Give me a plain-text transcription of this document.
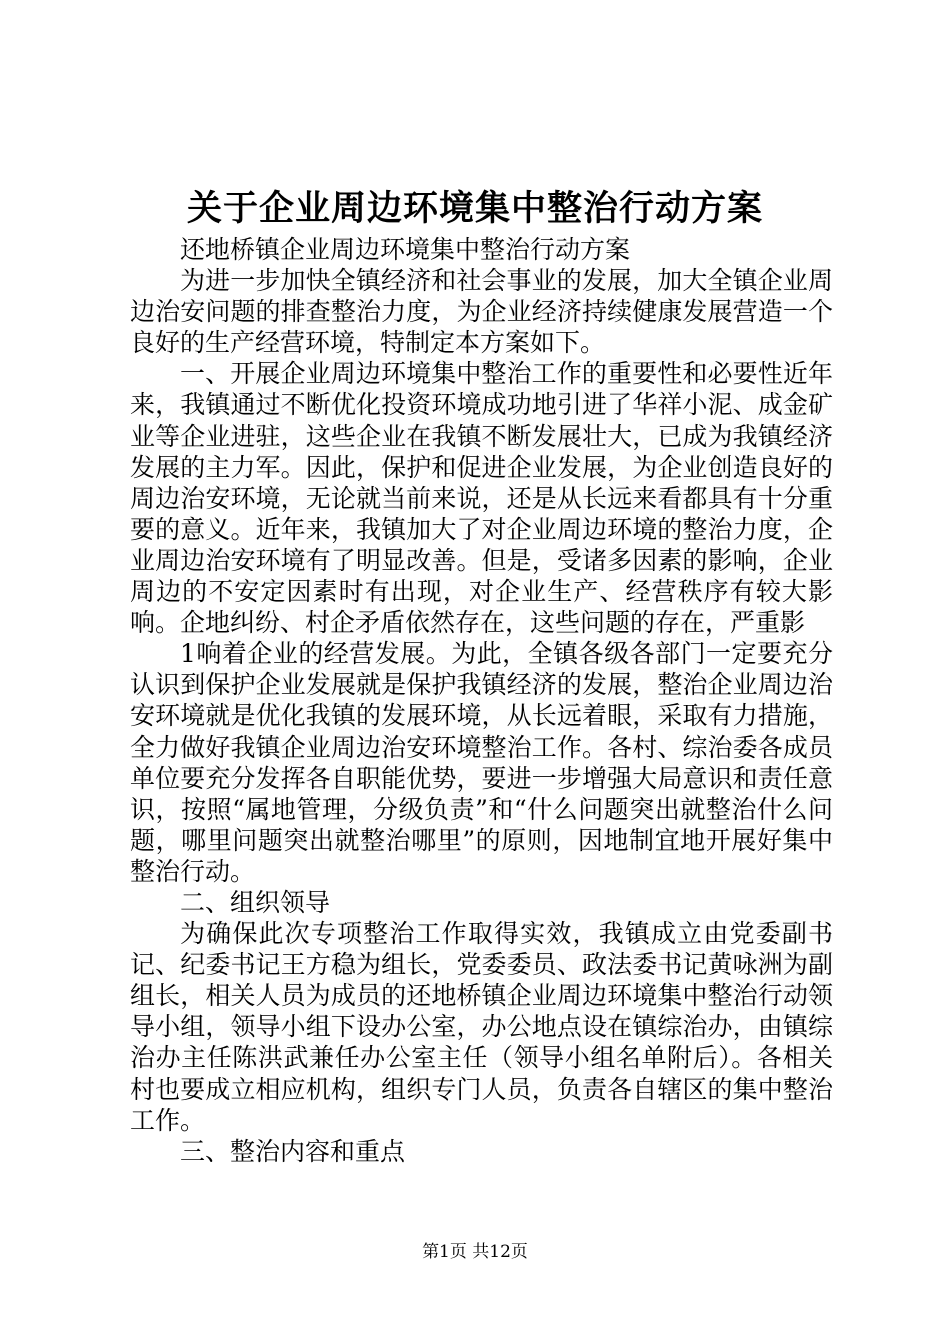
关于企业周边环境集中整治行动方案

还地桥镇企业周边环境集中整治行动方案

为进一步加快全镇经济和社会事业的发展，加大全镇企业周边治安问题的排查整治力度，为企业经济持续健康发展营造一个良好的生产经营环境，特制定本方案如下。

一、开展企业周边环境集中整治工作的重要性和必要性近年来，我镇通过不断优化投资环境成功地引进了华祥小泥、成金矿业等企业进驻，这些企业在我镇不断发展壮大，已成为我镇经济发展的主力军。因此，保护和促进企业发展，为企业创造良好的周边治安环境，无论就当前来说，还是从长远来看都具有十分重要的意义。近年来，我镇加大了对企业周边环境的整治力度，企业周边治安环境有了明显改善。但是，受诸多因素的影响，企业周边的不安定因素时有出现，对企业生产、经营秩序有较大影响。企地纠纷、村企矛盾依然存在，这些问题的存在，严重影

1响着企业的经营发展。为此，全镇各级各部门一定要充分认识到保护企业发展就是保护我镇经济的发展，整治企业周边治安环境就是优化我镇的发展环境，从长远着眼，采取有力措施，全力做好我镇企业周边治安环境整治工作。各村、综治委各成员单位要充分发挥各自职能优势，要进一步增强大局意识和责任意识，按照“属地管理，分级负责”和“什么问题突出就整治什么问题，哪里问题突出就整治哪里”的原则，因地制宜地开展好集中整治行动。

二、组织领导

为确保此次专项整治工作取得实效，我镇成立由党委副书记、纪委书记王方稳为组长，党委委员、政法委书记黄咏洲为副组长，相关人员为成员的还地桥镇企业周边环境集中整治行动领导小组，领导小组下设办公室，办公地点设在镇综治办，由镇综治办主任陈洪武兼任办公室主任（领导小组名单附后）。各相关村也要成立相应机构，组织专门人员，负责各自辖区的集中整治工作。

三、整治内容和重点

第1页 共12页
